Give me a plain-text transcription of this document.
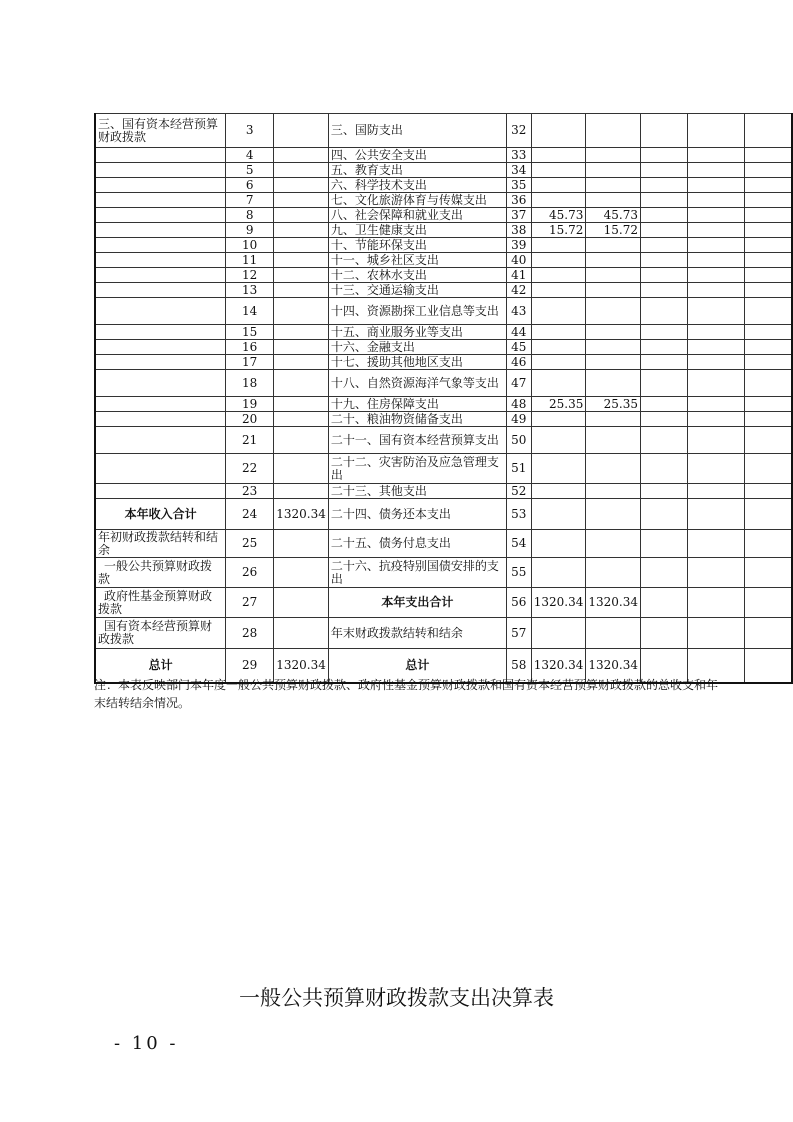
三、国有资本经营预算财政拨款	3		三、国防支出	32					
	4		四、公共安全支出	33					
	5		五、教育支出	34					
	6		六、科学技术支出	35					
	7		七、文化旅游体育与传媒支出	36					
	8		八、社会保障和就业支出	37	45.73	45.73			
	9		九、卫生健康支出	38	15.72	15.72			
	10		十、节能环保支出	39					
	11		十一、城乡社区支出	40					
	12		十二、农林水支出	41					
	13		十三、交通运输支出	42					
	14		十四、资源勘探工业信息等支出	43					
	15		十五、商业服务业等支出	44					
	16		十六、金融支出	45					
	17		十七、援助其他地区支出	46					
	18		十八、自然资源海洋气象等支出	47					
	19		十九、住房保障支出	48	25.35	25.35			
	20		二十、粮油物资储备支出	49					
	21		二十一、国有资本经营预算支出	50					
	22		二十二、灾害防治及应急管理支出	51					
	23		二十三、其他支出	52					
本年收入合计	24	1320.34	二十四、债务还本支出	53					
年初财政拨款结转和结余	25		二十五、债务付息支出	54					
一般公共预算财政拨款	26		二十六、抗疫特别国债安排的支出	55					
政府性基金预算财政拨款	27		本年支出合计	56	1320.34	1320.34			
国有资本经营预算财政拨款	28		年末财政拨款结转和结余	57					
总计	29	1320.34	总计	58	1320.34	1320.34			
注：本表反映部门本年度一般公共预算财政拨款、政府性基金预算财政拨款和国有资本经营预算财政拨款的总收支和年末结转结余情况。
一般公共预算财政拨款支出决算表
- 10 -
